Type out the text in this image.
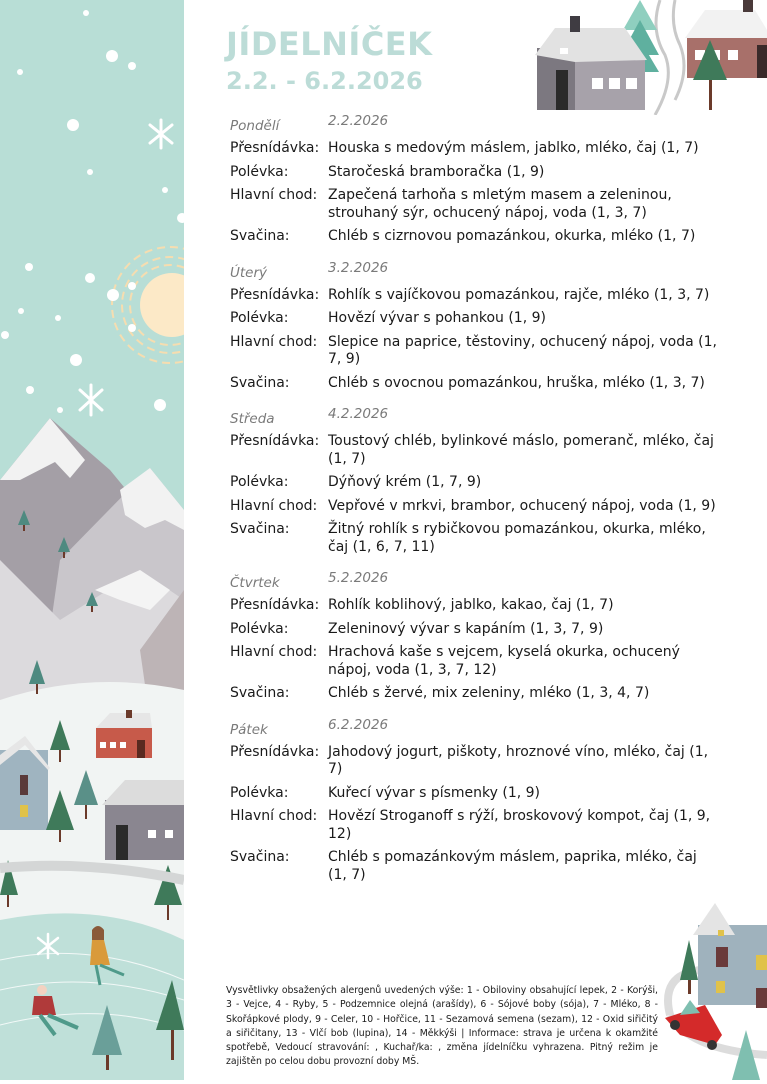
JÍDELNÍČEK
2.2. - 6.2.2026
Pondělí	2.2.2026
Přesnídávka: Houska s medovým máslem, jablko, mléko, čaj (1, 7)
Polévka:	Staročeská bramboračka (1, 9)
Hlavní chod: Zapečená tarhoňa s mletým masem a zeleninou, strouhaný sýr, ochucený nápoj, voda (1, 3, 7)
Svačina:	Chléb s cizrnovou pomazánkou, okurka, mléko (1, 7)
Úterý	3.2.2026
Přesnídávka: Rohlík s vajíčkovou pomazánkou, rajče, mléko (1, 3, 7)
Polévka:	Hovězí vývar s pohankou (1, 9)
Hlavní chod: Slepice na paprice, těstoviny, ochucený nápoj, voda (1, 7, 9)
Svačina:	Chléb s ovocnou pomazánkou, hruška, mléko (1, 3, 7)
Středa	4.2.2026
Přesnídávka: Toustový chléb, bylinkové máslo, pomeranč, mléko, čaj (1, 7)
Polévka:	Dýňový krém (1, 7, 9)
Hlavní chod: Vepřové v mrkvi, brambor, ochucený nápoj, voda (1, 9)
Svačina:	Žitný rohlík s rybičkovou pomazánkou, okurka, mléko, čaj (1, 6, 7, 11)
Čtvrtek	5.2.2026
Přesnídávka: Rohlík koblihový, jablko, kakao, čaj (1, 7)
Polévka:	Zeleninový vývar s kapáním (1, 3, 7, 9)
Hlavní chod: Hrachová kaše s vejcem, kyselá okurka, ochucený nápoj, voda (1, 3, 7, 12)
Svačina:	Chléb s žervé, mix zeleniny, mléko (1, 3, 4, 7)
Pátek	6.2.2026
Přesnídávka: Jahodový jogurt, piškoty, hroznové víno, mléko, čaj (1, 7)
Polévka:	Kuřecí vývar s písmenky (1, 9)
Hlavní chod: Hovězí Stroganoff s rýží, broskovový kompot, čaj (1, 9, 12)
Svačina:	Chléb s pomazánkovým máslem, paprika, mléko, čaj (1, 7)
Vysvětlivky obsažených alergenů uvedených výše: 1 - Obiloviny obsahující lepek, 2 - Korýši, 3 - Vejce, 4 - Ryby, 5 - Podzemnice olejná (arašídy), 6 - Sójové boby (sója), 7 - Mléko, 8 - Skořápkové plody, 9 - Celer, 10 - Hořčice, 11 - Sezamová semena (sezam), 12 - Oxid siřičitý a siřičitany, 13 - Vlčí bob (lupina), 14 - Měkkýši | Informace: strava je určena k okamžité spotřebě, Vedoucí stravování: , Kuchař/ka: , změna jídelníčku vyhrazena. Pitný režim je zajištěn po celou dobu provozní doby MŠ.
